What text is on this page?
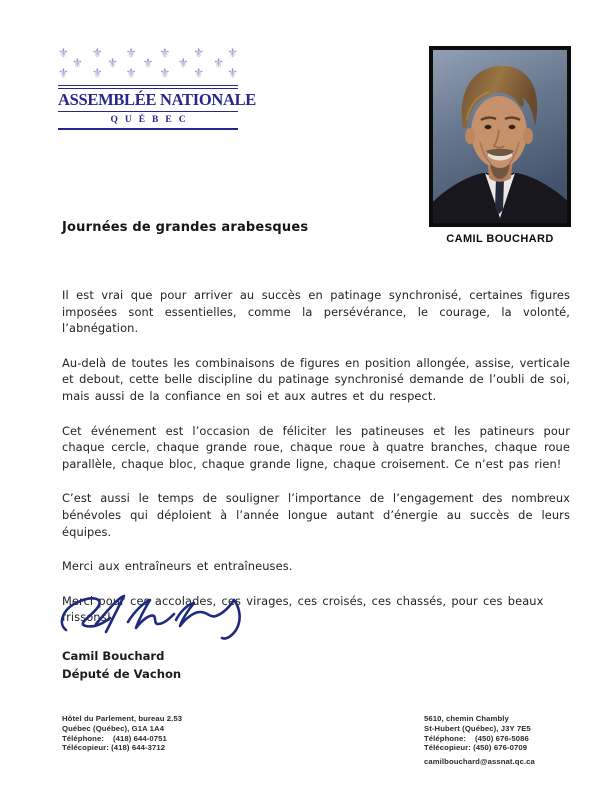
⚜ ⚜ ⚜ ⚜ ⚜ ⚜
⚜ ⚜ ⚜ ⚜ ⚜
⚜ ⚜ ⚜ ⚜ ⚜ ⚜
ASSEMBLÉE NATIONALE
QUÉBEC
CAMIL BOUCHARD
Journées de grandes arabesques

Il est vrai que pour arriver au succès en patinage synchronisé, certaines figures imposées sont essentielles, comme la persévérance, le courage, la volonté, l’abnégation.

Au-delà de toutes les combinaisons de figures en position allongée, assise, verticale et debout, cette belle discipline du patinage synchronisé demande de l’oubli de soi, mais aussi de la confiance en soi et aux autres et du respect.

Cet événement est l’occasion de féliciter les patineuses et les patineurs pour chaque cercle, chaque grande roue, chaque roue à quatre branches, chaque roue parallèle, chaque bloc, chaque grande ligne, chaque croisement. Ce n’est pas rien!

C’est aussi le temps de souligner l’importance de l’engagement des nombreux bénévoles qui déploient à l’année longue autant d’énergie au succès de leurs équipes.

Merci aux entraîneurs et entraîneuses.

Merci pour ces accolades, ces virages, ces croisés, ces chassés, pour ces beaux frissons!

Camil Bouchard
Député de Vachon
Hôtel du Parlement, bureau 2.53
Québec (Québec), G1A 1A4
Téléphone:    (418) 644-0751
Télécopieur: (418) 644-3712
5610, chemin Chambly
St-Hubert (Québec), J3Y 7E5
Téléphone:    (450) 676-5086
Télécopieur: (450) 676-0709
camilbouchard@assnat.qc.ca
